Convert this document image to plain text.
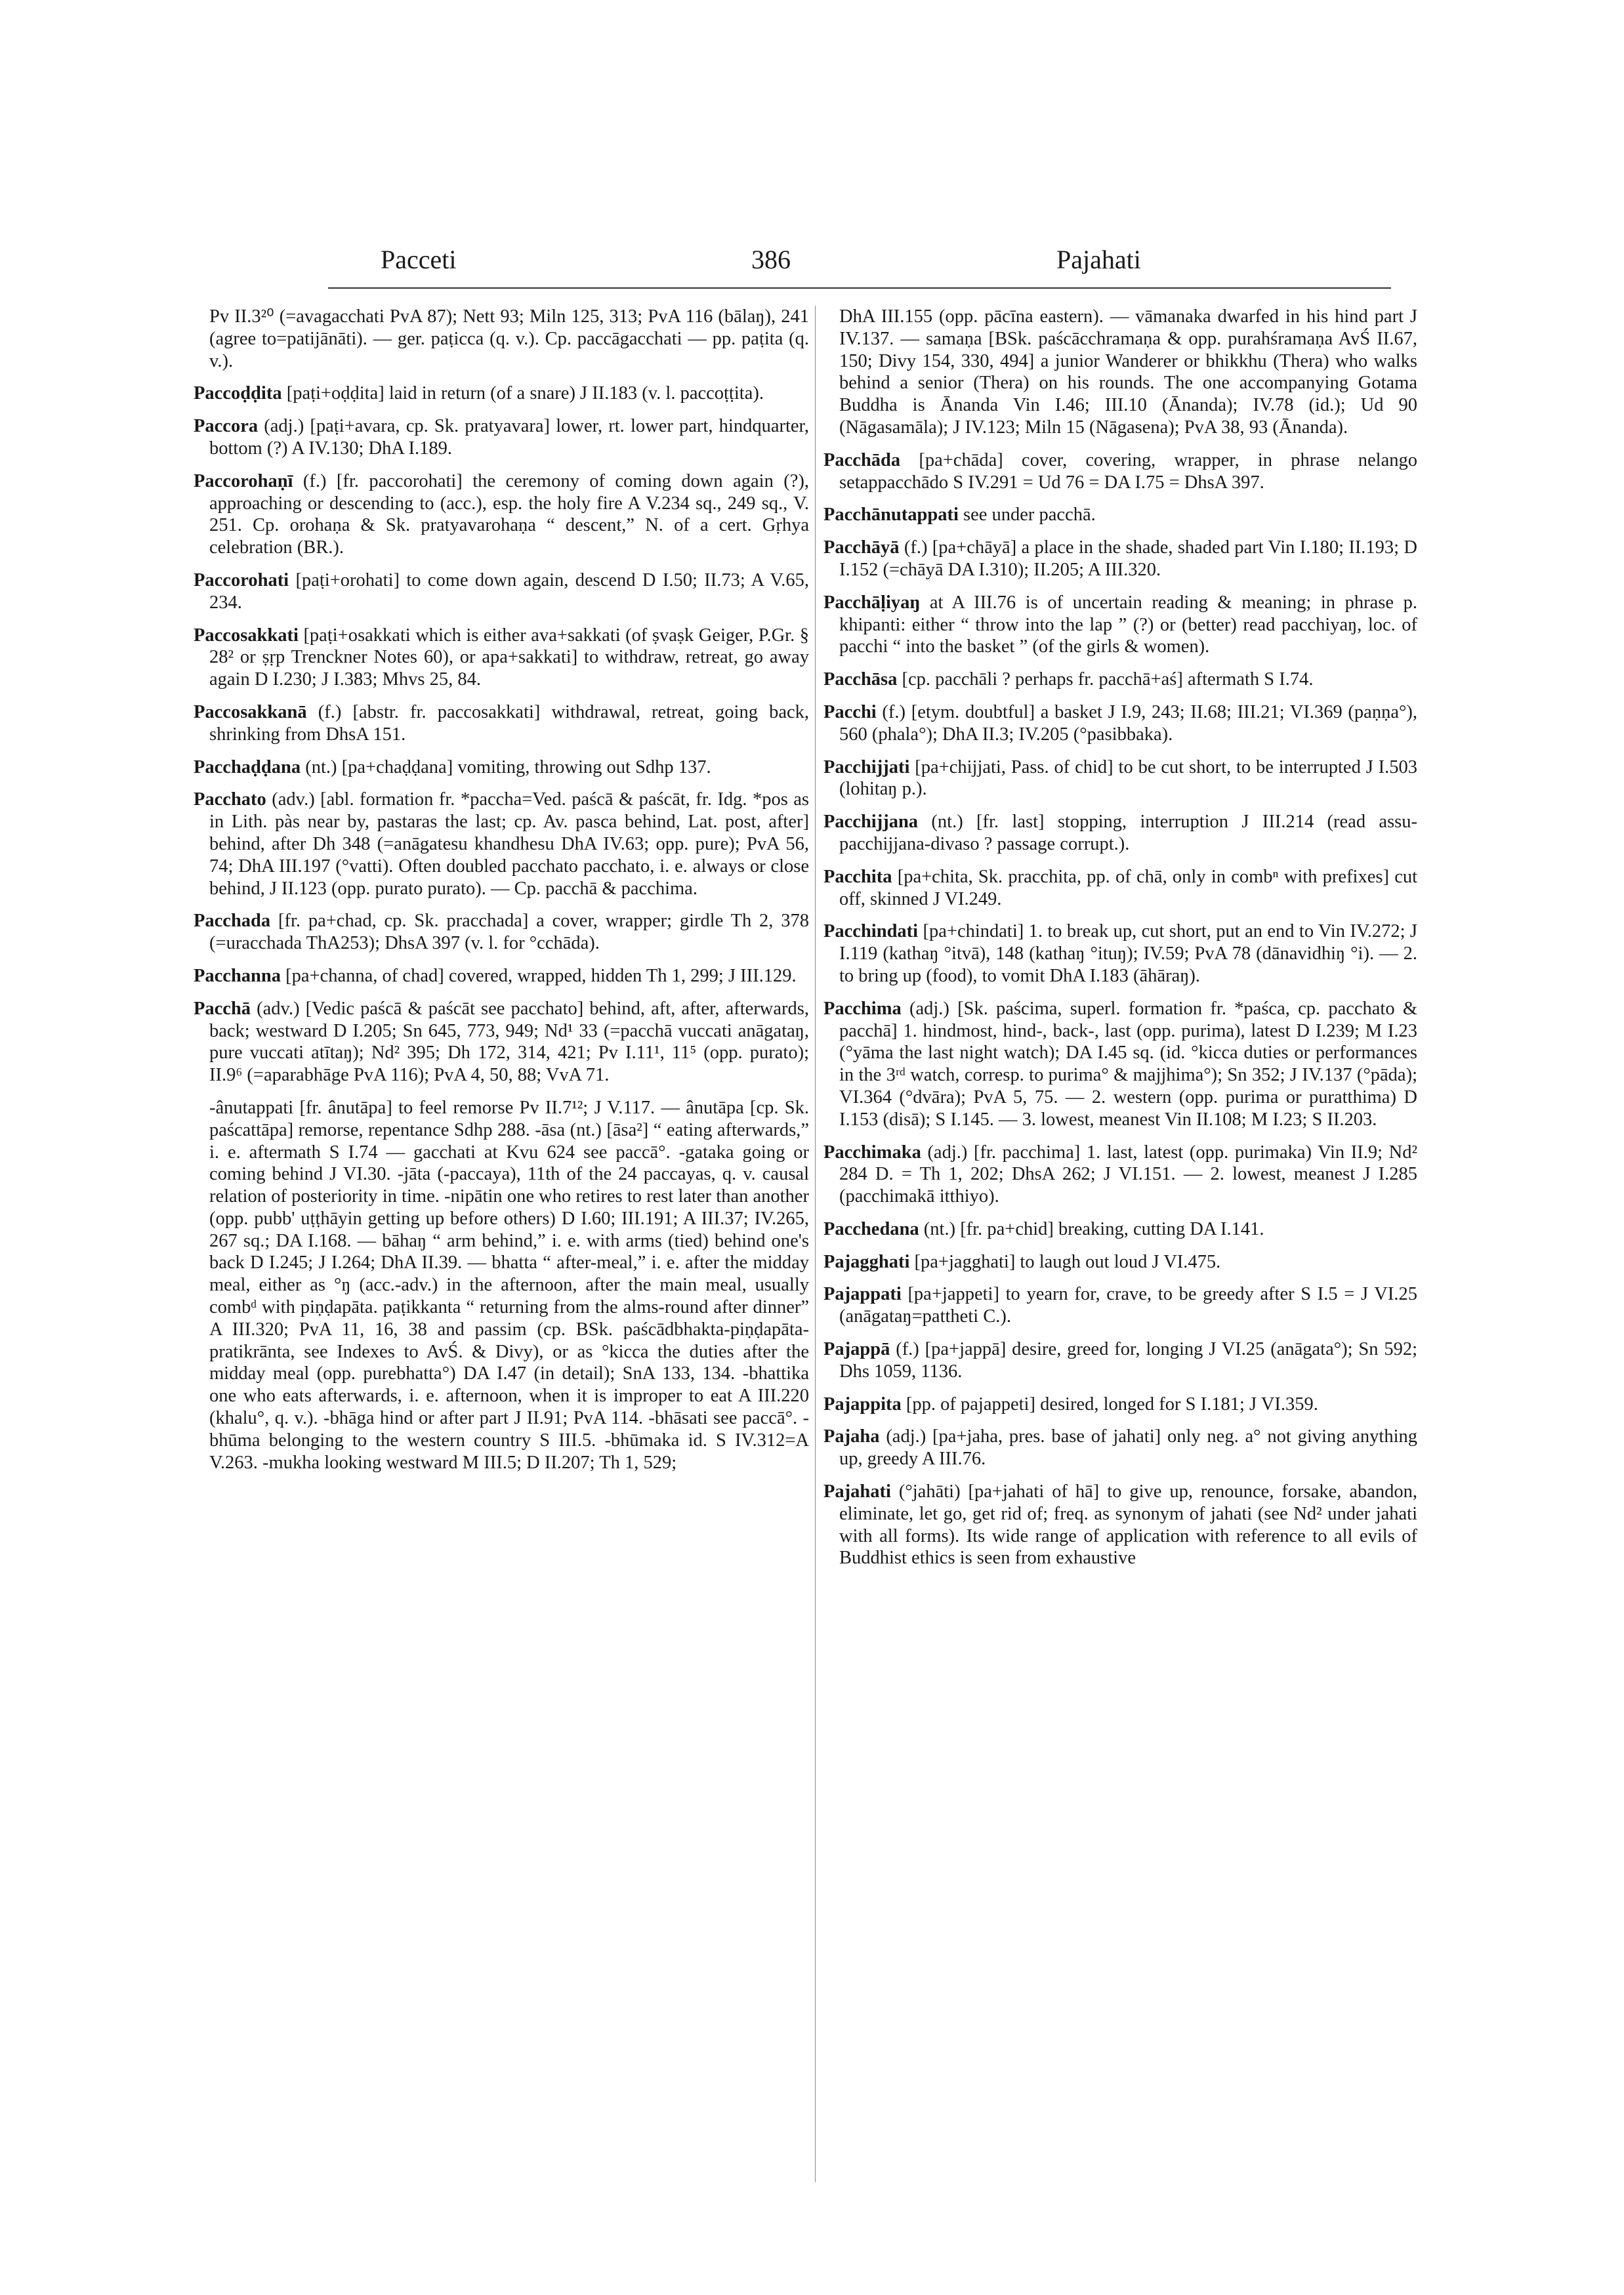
Pacceti	386	Pajahati

Pv II.3²⁰ (=avagacchati PvA 87); Nett 93; Miln 125, 313; PvA 116 (bālaŋ), 241 (agree to=patijānāti). — ger. paṭicca (q. v.). Cp. paccāgacchati — pp. paṭita (q. v.).

Paccoḍḍita [paṭi+oḍḍita] laid in return (of a snare) J II.183 (v. l. paccoṭṭita).

Paccora (adj.) [paṭi+avara, cp. Sk. pratyavara] lower, rt. lower part, hindquarter, bottom (?) A IV.130; DhA I.189.

Paccorohaṇī (f.) [fr. paccorohati] the ceremony of coming down again (?), approaching or descending to (acc.), esp. the holy fire A V.234 sq., 249 sq., V. 251. Cp. orohaṇa & Sk. pratyavarohaṇa “ descent,” N. of a cert. Gṛhya celebration (BR.).

Paccorohati [paṭi+orohati] to come down again, descend D I.50; II.73; A V.65, 234.

Paccosakkati [paṭi+osakkati which is either ava+sakkati (of ṣvaṣk Geiger, P.Gr. § 28² or ṣṛp Trenckner Notes 60), or apa+sakkati] to withdraw, retreat, go away again D I.230; J I.383; Mhvs 25, 84.

Paccosakkanā (f.) [abstr. fr. paccosakkati] withdrawal, retreat, going back, shrinking from DhsA 151.

Pacchaḍḍana (nt.) [pa+chaḍḍana] vomiting, throwing out Sdhp 137.

Pacchato (adv.) [abl. formation fr. *paccha=Ved. paścā & paścāt, fr. Idg. *pos as in Lith. pàs near by, pastaras the last; cp. Av. pasca behind, Lat. post, after] behind, after Dh 348 (=anāgatesu khandhesu DhA IV.63; opp. pure); PvA 56, 74; DhA III.197 (°vatti). Often doubled pacchato pacchato, i. e. always or close behind, J II.123 (opp. purato purato). — Cp. pacchā & pacchima.

Pacchada [fr. pa+chad, cp. Sk. pracchada] a cover, wrapper; girdle Th 2, 378 (=uracchada ThA253); DhsA 397 (v. l. for °cchāda).

Pacchanna [pa+channa, of chad] covered, wrapped, hidden Th 1, 299; J III.129.

Pacchā (adv.) [Vedic paścā & paścāt see pacchato] behind, aft, after, afterwards, back; westward D I.205; Sn 645, 773, 949; Nd¹ 33 (=pacchā vuccati anāgataŋ, pure vuccati atītaŋ); Nd² 395; Dh 172, 314, 421; Pv I.11¹, 11⁵ (opp. purato); II.9⁶ (=aparabhāge PvA 116); PvA 4, 50, 88; VvA 71.

-ânutappati [fr. ânutāpa] to feel remorse Pv II.7¹²; J V.117. — ânutāpa [cp. Sk. paścattāpa] remorse, repentance Sdhp 288. -āsa (nt.) [āsa²] “ eating afterwards,” i. e. aftermath S I.74 — gacchati at Kvu 624 see paccā°. -gataka going or coming behind J VI.30. -jāta (-paccaya), 11th of the 24 paccayas, q. v. causal relation of posteriority in time. -nipātin one who retires to rest later than another (opp. pubb' uṭṭhāyin getting up before others) D I.60; III.191; A III.37; IV.265, 267 sq.; DA I.168. — bāhaŋ “ arm behind,” i. e. with arms (tied) behind one's back D I.245; J I.264; DhA II.39. — bhatta “ after-meal,” i. e. after the midday meal, either as °ŋ (acc.-adv.) in the afternoon, after the main meal, usually combᵈ with piṇḍapāta. paṭikkanta “ returning from the alms-round after dinner” A III.320; PvA 11, 16, 38 and passim (cp. BSk. paścādbhakta-piṇḍapāta-pratikrānta, see Indexes to AvŚ. & Divy), or as °kicca the duties after the midday meal (opp. purebhatta°) DA I.47 (in detail); SnA 133, 134. -bhattika one who eats afterwards, i. e. afternoon, when it is improper to eat A III.220 (khalu°, q. v.). -bhāga hind or after part J II.91; PvA 114. -bhāsati see paccā°. -bhūma belonging to the western country S III.5. -bhūmaka id. S IV.312=A V.263. -mukha looking westward M III.5; D II.207; Th 1, 529;

DhA III.155 (opp. pācīna eastern). — vāmanaka dwarfed in his hind part J IV.137. — samaṇa [BSk. paścācchramaṇa & opp. purahśramaṇa AvŚ II.67, 150; Divy 154, 330, 494] a junior Wanderer or bhikkhu (Thera) who walks behind a senior (Thera) on his rounds. The one accompanying Gotama Buddha is Ānanda Vin I.46; III.10 (Ānanda); IV.78 (id.); Ud 90 (Nāgasamāla); J IV.123; Miln 15 (Nāgasena); PvA 38, 93 (Ānanda).

Pacchāda [pa+chāda] cover, covering, wrapper, in phrase nelango setappacchādo S IV.291 = Ud 76 = DA I.75 = DhsA 397.

Pacchānutappati see under pacchā.

Pacchāyā (f.) [pa+chāyā] a place in the shade, shaded part Vin I.180; II.193; D I.152 (=chāyā DA I.310); II.205; A III.320.

Pacchāḷiyaŋ at A III.76 is of uncertain reading & meaning; in phrase p. khipanti: either “ throw into the lap ” (?) or (better) read pacchiyaŋ, loc. of pacchi “ into the basket ” (of the girls & women).

Pacchāsa [cp. pacchāli ? perhaps fr. pacchā+aś] aftermath S I.74.

Pacchi (f.) [etym. doubtful] a basket J I.9, 243; II.68; III.21; VI.369 (paṇṇa°), 560 (phala°); DhA II.3; IV.205 (°pasibbaka).

Pacchijjati [pa+chijjati, Pass. of chid] to be cut short, to be interrupted J I.503 (lohitaŋ p.).

Pacchijjana (nt.) [fr. last] stopping, interruption J III.214 (read assu-pacchijjana-divaso ? passage corrupt.).

Pacchita [pa+chita, Sk. pracchita, pp. of chā, only in combⁿ with prefixes] cut off, skinned J VI.249.

Pacchindati [pa+chindati] 1. to break up, cut short, put an end to Vin IV.272; J I.119 (kathaŋ °itvā), 148 (kathaŋ °ituŋ); IV.59; PvA 78 (dānavidhiŋ °i). — 2. to bring up (food), to vomit DhA I.183 (āhāraŋ).

Pacchima (adj.) [Sk. paścima, superl. formation fr. *paśca, cp. pacchato & pacchā] 1. hindmost, hind-, back-, last (opp. purima), latest D I.239; M I.23 (°yāma the last night watch); DA I.45 sq. (id. °kicca duties or performances in the 3ʳᵈ watch, corresp. to purima° & majjhima°); Sn 352; J IV.137 (°pāda); VI.364 (°dvāra); PvA 5, 75. — 2. western (opp. purima or puratthima) D I.153 (disā); S I.145. — 3. lowest, meanest Vin II.108; M I.23; S II.203.

Pacchimaka (adj.) [fr. pacchima] 1. last, latest (opp. purimaka) Vin II.9; Nd² 284 D. = Th 1, 202; DhsA 262; J VI.151. — 2. lowest, meanest J I.285 (pacchimakā itthiyo).

Pacchedana (nt.) [fr. pa+chid] breaking, cutting DA I.141.

Pajagghati [pa+jagghati] to laugh out loud J VI.475.

Pajappati [pa+jappeti] to yearn for, crave, to be greedy after S I.5 = J VI.25 (anāgataŋ=pattheti C.).

Pajappā (f.) [pa+jappā] desire, greed for, longing J VI.25 (anāgata°); Sn 592; Dhs 1059, 1136.

Pajappita [pp. of pajappeti] desired, longed for S I.181; J VI.359.

Pajaha (adj.) [pa+jaha, pres. base of jahati] only neg. a° not giving anything up, greedy A III.76.

Pajahati (°jahāti) [pa+jahati of hā] to give up, renounce, forsake, abandon, eliminate, let go, get rid of; freq. as synonym of jahati (see Nd² under jahati with all forms). Its wide range of application with reference to all evils of Buddhist ethics is seen from exhaustive
